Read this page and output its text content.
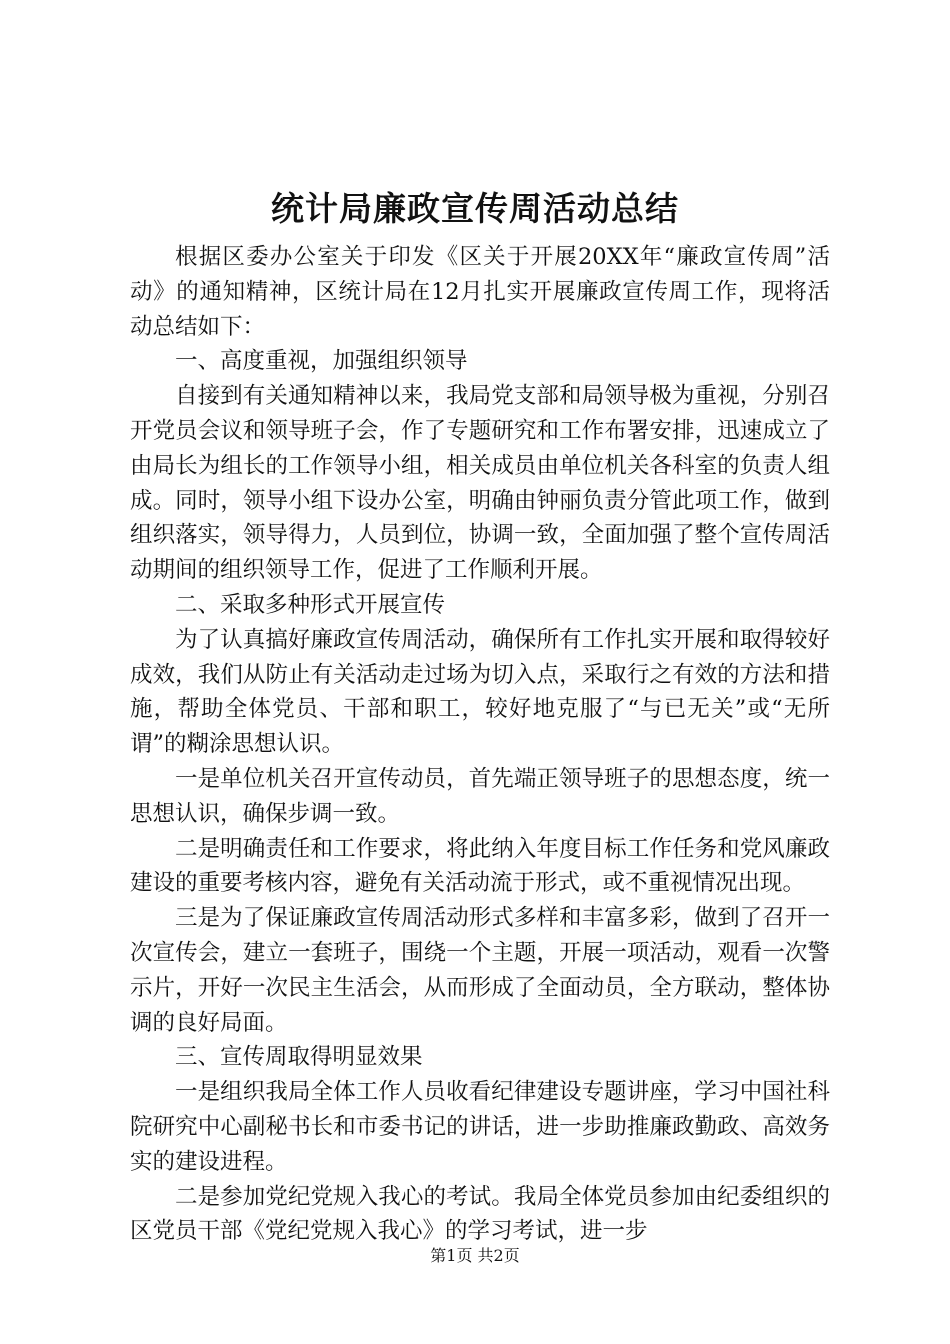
统计局廉政宣传周活动总结

根据区委办公室关于印发《区关于开展20XX年“廉政宣传周”活动》的通知精神，区统计局在12月扎实开展廉政宣传周工作，现将活动总结如下：

一、高度重视，加强组织领导

自接到有关通知精神以来，我局党支部和局领导极为重视，分别召开党员会议和领导班子会，作了专题研究和工作布署安排，迅速成立了由局长为组长的工作领导小组，相关成员由单位机关各科室的负责人组成。同时，领导小组下设办公室，明确由钟丽负责分管此项工作，做到组织落实，领导得力，人员到位，协调一致，全面加强了整个宣传周活动期间的组织领导工作，促进了工作顺利开展。

二、采取多种形式开展宣传

为了认真搞好廉政宣传周活动，确保所有工作扎实开展和取得较好成效，我们从防止有关活动走过场为切入点，采取行之有效的方法和措施，帮助全体党员、干部和职工，较好地克服了“与已无关”或“无所谓”的糊涂思想认识。

一是单位机关召开宣传动员，首先端正领导班子的思想态度，统一思想认识，确保步调一致。

二是明确责任和工作要求，将此纳入年度目标工作任务和党风廉政建设的重要考核内容，避免有关活动流于形式，或不重视情况出现。

三是为了保证廉政宣传周活动形式多样和丰富多彩，做到了召开一次宣传会，建立一套班子，围绕一个主题，开展一项活动，观看一次警示片，开好一次民主生活会，从而形成了全面动员，全方联动，整体协调的良好局面。

三、宣传周取得明显效果

一是组织我局全体工作人员收看纪律建设专题讲座，学习中国社科院研究中心副秘书长和市委书记的讲话，进一步助推廉政勤政、高效务实的建设进程。

二是参加党纪党规入我心的考试。我局全体党员参加由纪委组织的区党员干部《党纪党规入我心》的学习考试，进一步

第1页 共2页
